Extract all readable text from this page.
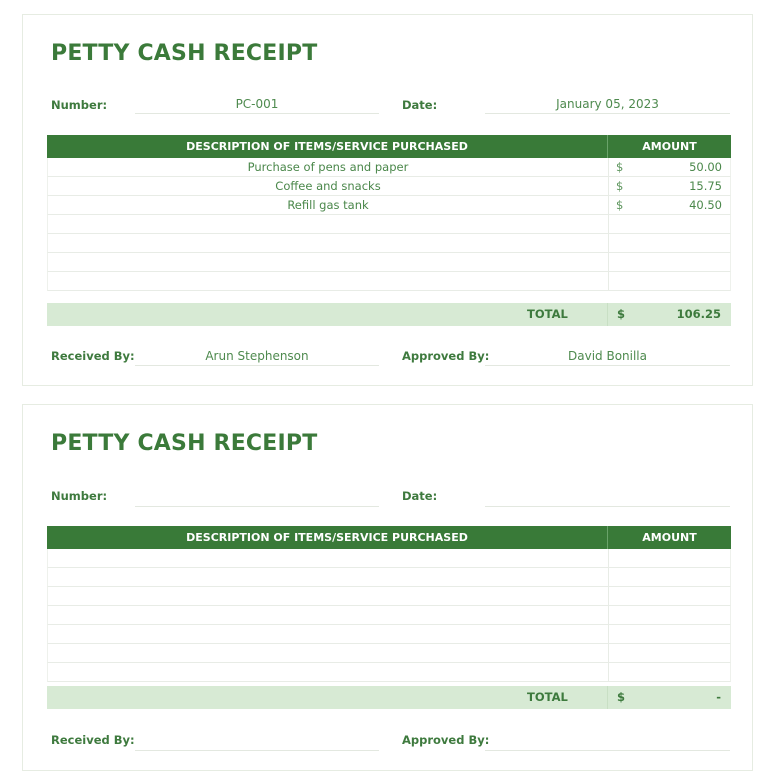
PETTY CASH RECEIPT
Number:	PC-001	Date:	January 05, 2023
DESCRIPTION OF ITEMS/SERVICE PURCHASED	AMOUNT
Purchase of pens and paper	$	50.00
Coffee and snacks	$	15.75
Refill gas tank	$	40.50
TOTAL	$	106.25
Received By:	Arun Stephenson	Approved By:	David Bonilla
PETTY CASH RECEIPT
Number:	Date:
DESCRIPTION OF ITEMS/SERVICE PURCHASED	AMOUNT
TOTAL	$	-
Received By:	Approved By:
